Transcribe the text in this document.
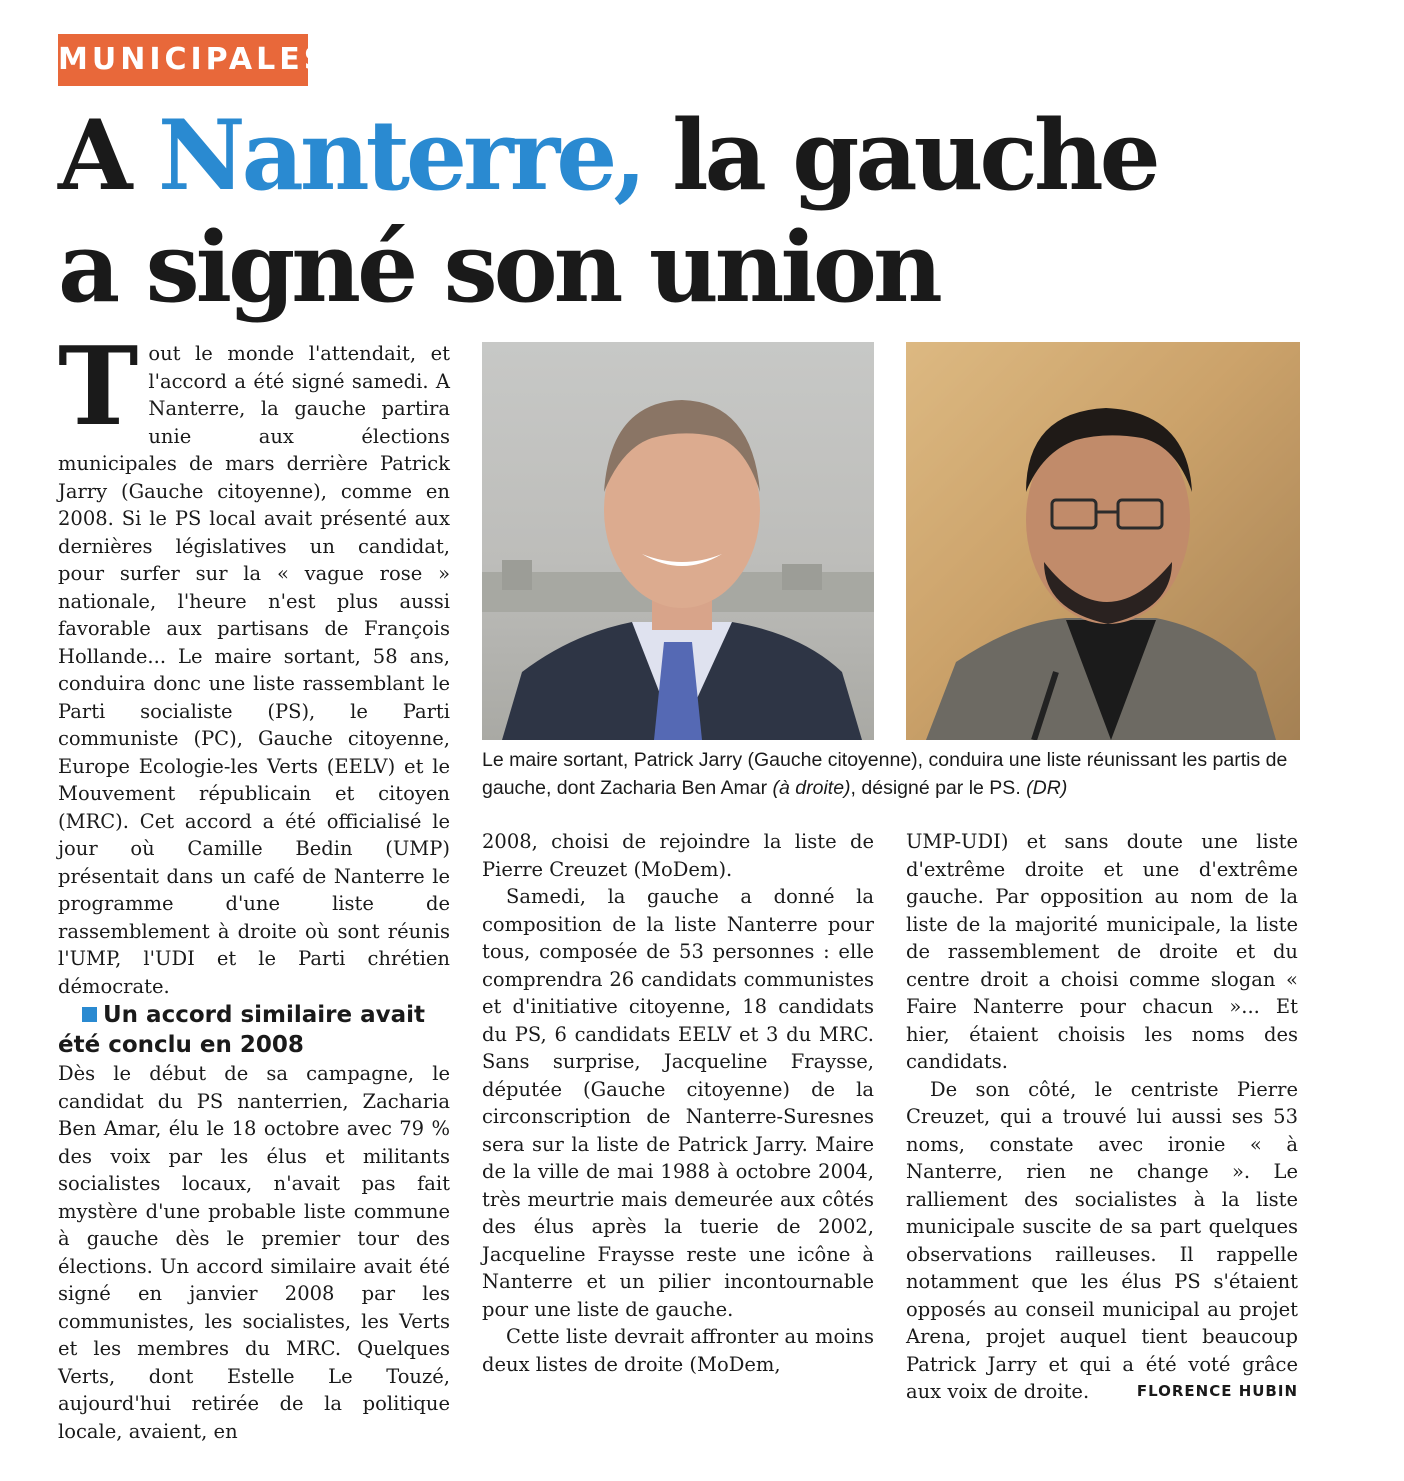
MUNICIPALES
A Nanterre, la gauche
a signé son union

Tout le monde l'attendait, et l'accord a été signé samedi. A Nanterre, la gauche partira unie aux élections municipales de mars derrière Patrick Jarry (Gauche citoyenne), comme en 2008. Si le PS local avait présenté aux dernières législatives un candidat, pour surfer sur la « vague rose » nationale, l'heure n'est plus aussi favorable aux partisans de François Hollande... Le maire sortant, 58 ans, conduira donc une liste rassemblant le Parti socialiste (PS), le Parti communiste (PC), Gauche citoyenne, Europe Ecologie-les Verts (EELV) et le Mouvement républicain et citoyen (MRC). Cet accord a été officialisé le jour où Camille Bedin (UMP) présentait dans un café de Nanterre le programme d'une liste de rassemblement à droite où sont réunis l'UMP, l'UDI et le Parti chrétien démocrate.

Un accord similaire avait été conclu en 2008

Dès le début de sa campagne, le candidat du PS nanterrien, Zacharia Ben Amar, élu le 18 octobre avec 79 % des voix par les élus et militants socialistes locaux, n'avait pas fait mystère d'une probable liste commune à gauche dès le premier tour des élections. Un accord similaire avait été signé en janvier 2008 par les communistes, les socialistes, les Verts et les membres du MRC. Quelques Verts, dont Estelle Le Touzé, aujourd'hui retirée de la politique locale, avaient, en

Le maire sortant, Patrick Jarry (Gauche citoyenne), conduira une liste réunissant les partis de gauche, dont Zacharia Ben Amar (à droite), désigné par le PS. (DR)

2008, choisi de rejoindre la liste de Pierre Creuzet (MoDem).

Samedi, la gauche a donné la composition de la liste Nanterre pour tous, composée de 53 personnes : elle comprendra 26 candidats communistes et d'initiative citoyenne, 18 candidats du PS, 6 candidats EELV et 3 du MRC. Sans surprise, Jacqueline Fraysse, députée (Gauche citoyenne) de la circonscription de Nanterre-Suresnes sera sur la liste de Patrick Jarry. Maire de la ville de mai 1988 à octobre 2004, très meurtrie mais demeurée aux côtés des élus après la tuerie de 2002, Jacqueline Fraysse reste une icône à Nanterre et un pilier incontournable pour une liste de gauche.

Cette liste devrait affronter au moins deux listes de droite (MoDem,

UMP-UDI) et sans doute une liste d'extrême droite et une d'extrême gauche. Par opposition au nom de la liste de la majorité municipale, la liste de rassemblement de droite et du centre droit a choisi comme slogan « Faire Nanterre pour chacun »... Et hier, étaient choisis les noms des candidats.

De son côté, le centriste Pierre Creuzet, qui a trouvé lui aussi ses 53 noms, constate avec ironie « à Nanterre, rien ne change ». Le ralliement des socialistes à la liste municipale suscite de sa part quelques observations railleuses. Il rappelle notamment que les élus PS s'étaient opposés au conseil municipal au projet Arena, projet auquel tient beaucoup Patrick Jarry et qui a été voté grâce aux voix de droite.	FLORENCE HUBIN
